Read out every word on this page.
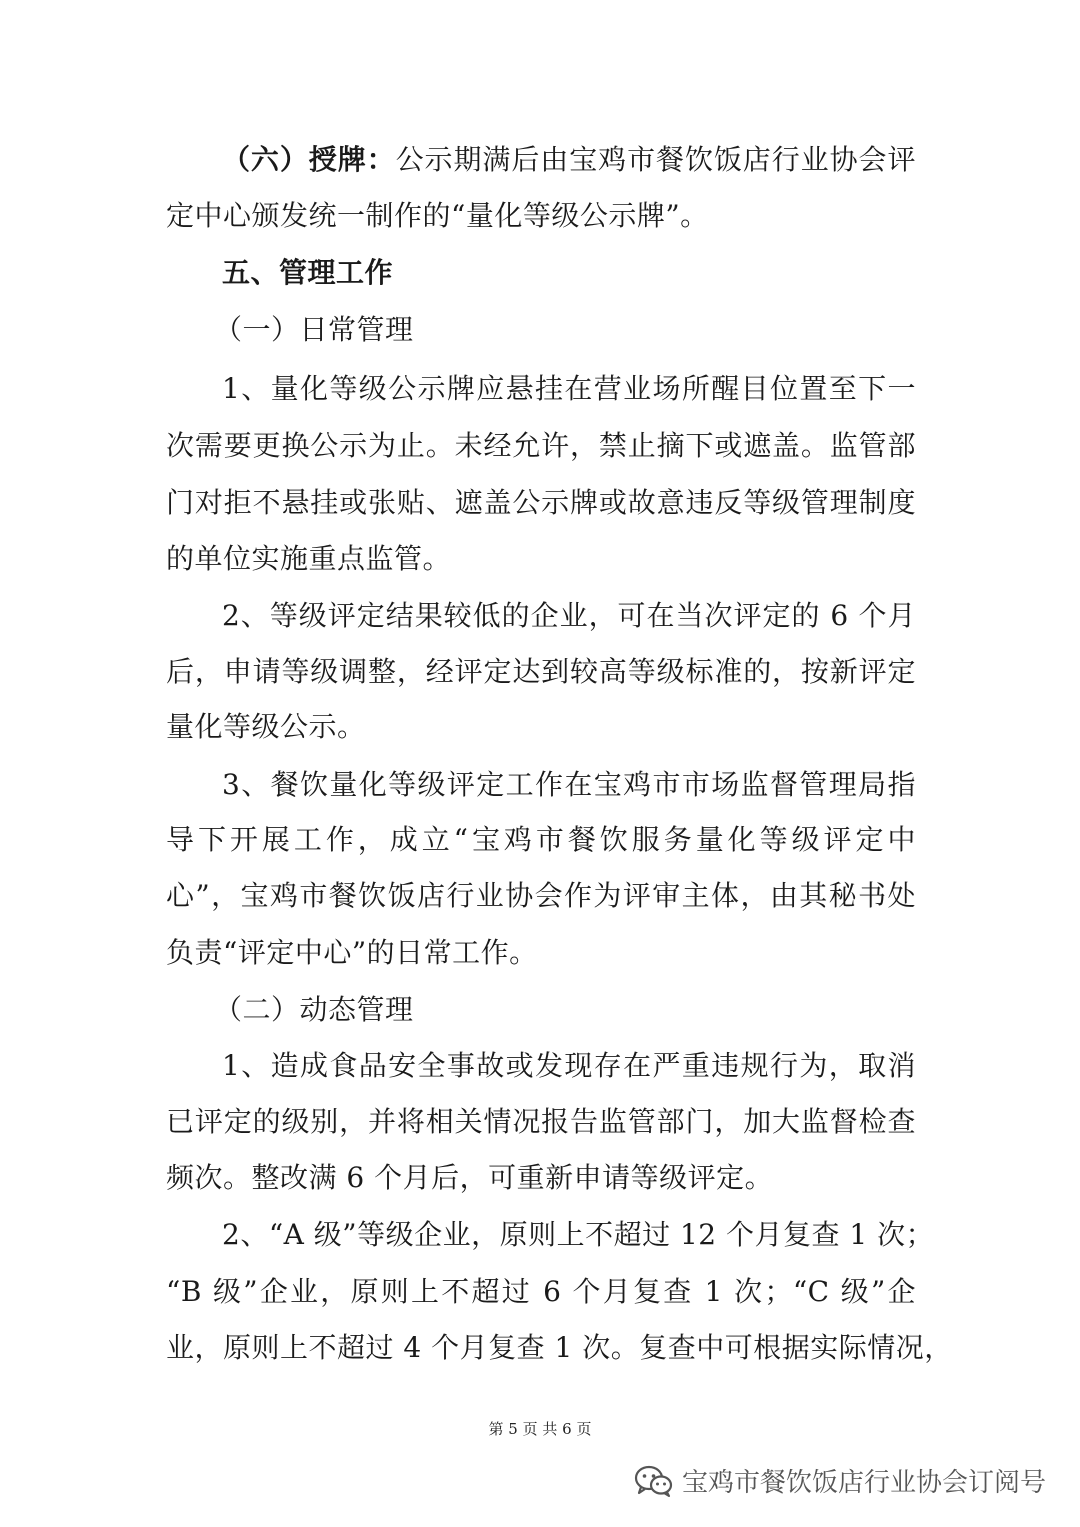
（六）授牌：公示期满后由宝鸡市餐饮饭店行业协会评
定中心颁发统一制作的“量化等级公示牌”。
五、管理工作
（一）日常管理
1、量化等级公示牌应悬挂在营业场所醒目位置至下一
次需要更换公示为止。未经允许，禁止摘下或遮盖。监管部
门对拒不悬挂或张贴、遮盖公示牌或故意违反等级管理制度
的单位实施重点监管。
2、等级评定结果较低的企业，可在当次评定的 6 个月
后，申请等级调整，经评定达到较高等级标准的，按新评定
量化等级公示。
3、餐饮量化等级评定工作在宝鸡市市场监督管理局指
导下开展工作，成立“宝鸡市餐饮服务量化等级评定中
心”，宝鸡市餐饮饭店行业协会作为评审主体，由其秘书处
负责“评定中心”的日常工作。
（二）动态管理
1、造成食品安全事故或发现存在严重违规行为，取消
已评定的级别，并将相关情况报告监管部门，加大监督检查
频次。整改满 6 个月后，可重新申请等级评定。
2、“A 级”等级企业，原则上不超过 12 个月复查 1 次；
“B 级”企业，原则上不超过 6 个月复查 1 次；“C 级”企
业，原则上不超过 4 个月复查 1 次。复查中可根据实际情况，
第 5 页 共 6 页
宝鸡市餐饮饭店行业协会订阅号
